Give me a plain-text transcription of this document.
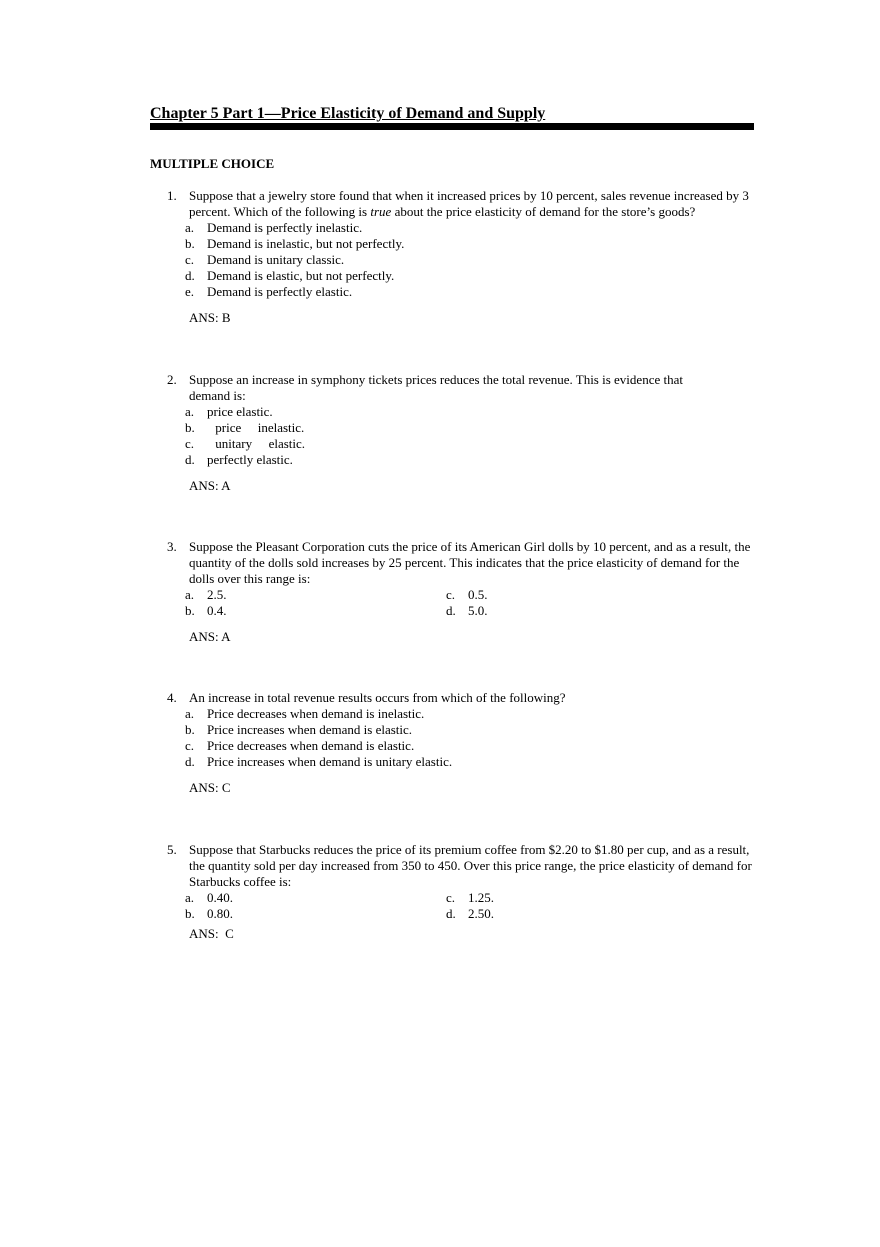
Chapter 5 Part 1—Price Elasticity of Demand and Supply
MULTIPLE CHOICE
1. Suppose that a jewelry store found that when it increased prices by 10 percent, sales revenue increased by 3 percent. Which of the following is true about the price elasticity of demand for the store’s goods?
a. Demand is perfectly inelastic.
b. Demand is inelastic, but not perfectly.
c. Demand is unitary classic.
d. Demand is elastic, but not perfectly.
e. Demand is perfectly elastic.
ANS: B
2. Suppose an increase in symphony tickets prices reduces the total revenue. This is evidence that demand is:
a. price elastic.
b. price  inelastic.
c. unitary  elastic.
d. perfectly elastic.
ANS: A
3. Suppose the Pleasant Corporation cuts the price of its American Girl dolls by 10 percent, and as a result, the quantity of the dolls sold increases by 25 percent. This indicates that the price elasticity of demand for the dolls over this range is:
a. 2.5.	c. 0.5.
b. 0.4.	d. 5.0.
ANS: A
4. An increase in total revenue results occurs from which of the following?
a. Price decreases when demand is inelastic.
b. Price increases when demand is elastic.
c. Price decreases when demand is elastic.
d. Price increases when demand is unitary elastic.
ANS: C
5. Suppose that Starbucks reduces the price of its premium coffee from $2.20 to $1.80 per cup, and as a result, the quantity sold per day increased from 350 to 450. Over this price range, the price elasticity of demand for Starbucks coffee is:
a. 0.40.	c. 1.25.
b. 0.80.	d. 2.50.
ANS:  C
